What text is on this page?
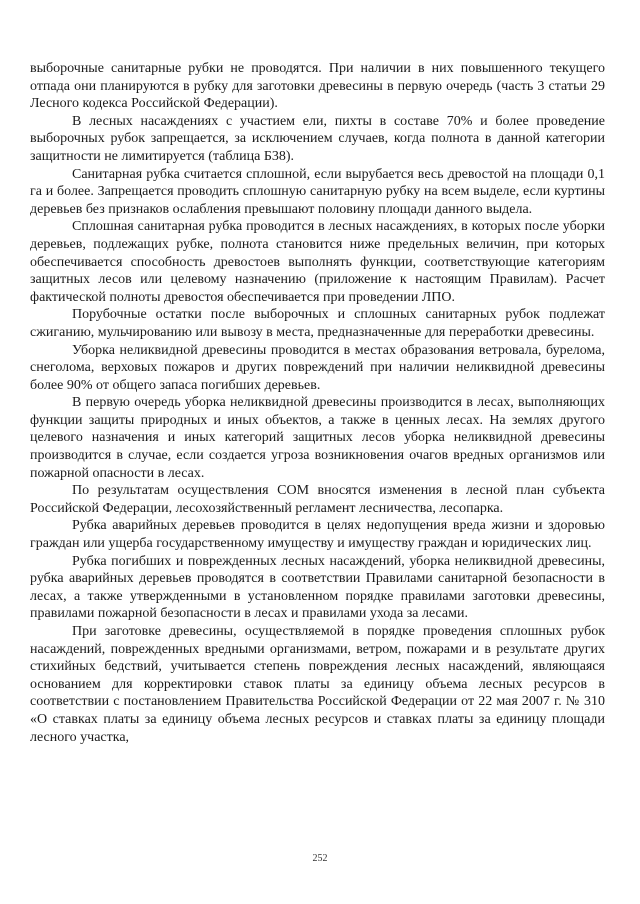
выборочные санитарные рубки не проводятся. При наличии в них повышенного текущего отпада они планируются в рубку для заготовки древесины в первую очередь (часть 3 статьи 29 Лесного кодекса Российской Федерации).

В лесных насаждениях с участием ели, пихты в составе 70% и более проведение выборочных рубок запрещается, за исключением случаев, когда полнота в данной категории защитности не лимитируется (таблица Б38).

Санитарная рубка считается сплошной, если вырубается весь древостой на площади 0,1 га и более. Запрещается проводить сплошную санитарную рубку на всем выделе, если куртины деревьев без признаков ослабления превышают половину площади данного выдела.

Сплошная санитарная рубка проводится в лесных насаждениях, в которых после уборки деревьев, подлежащих рубке, полнота становится ниже предельных величин, при которых обеспечивается способность древостоев выполнять функции, соответствующие категориям защитных лесов или целевому назначению (приложение к настоящим Правилам). Расчет фактической полноты древостоя обеспечивается при проведении ЛПО.

Порубочные остатки после выборочных и сплошных санитарных рубок подлежат сжиганию, мульчированию или вывозу в места, предназначенные для переработки древесины.

Уборка неликвидной древесины проводится в местах образования ветровала, бурелома, снеголома, верховых пожаров и других повреждений при наличии неликвидной древесины более 90% от общего запаса погибших деревьев.

В первую очередь уборка неликвидной древесины производится в лесах, выполняющих функции защиты природных и иных объектов, а также в ценных лесах. На землях другого целевого назначения и иных категорий защитных лесов уборка неликвидной древесины производится в случае, если создается угроза возникновения очагов вредных организмов или пожарной опасности в лесах.

По результатам осуществления СОМ вносятся изменения в лесной план субъекта Российской Федерации, лесохозяйственный регламент лесничества, лесопарка.

Рубка аварийных деревьев проводится в целях недопущения вреда жизни и здоровью граждан или ущерба государственному имуществу и имуществу граждан и юридических лиц.

Рубка погибших и поврежденных лесных насаждений, уборка неликвидной древесины, рубка аварийных деревьев проводятся в соответствии Правилами санитарной безопасности в лесах, а также утвержденными в установленном порядке правилами заготовки древесины, правилами пожарной безопасности в лесах и правилами ухода за лесами.

При заготовке древесины, осуществляемой в порядке проведения сплошных рубок насаждений, поврежденных вредными организмами, ветром, пожарами и в результате других стихийных бедствий, учитывается степень повреждения лесных насаждений, являющаяся основанием для корректировки ставок платы за единицу объема лесных ресурсов в соответствии с постановлением Правительства Российской Федерации от 22 мая 2007 г. № 310 «О ставках платы за единицу объема лесных ресурсов и ставках платы за единицу площади лесного участка,

252
